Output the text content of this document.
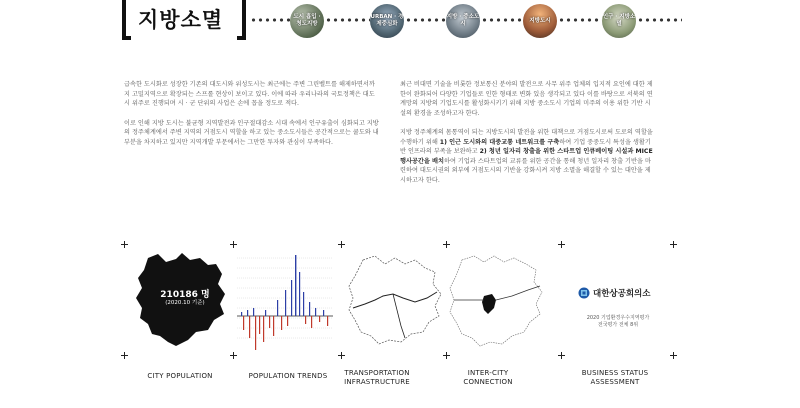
지방소멸	도시 흡입 · 청도지방
URBAN · 경제중심화
지방 · 중소도시
지방도시
인구 · 지방소멸

급속한 도시화로 성장한 기존의 대도시와 위성도시는 최근에는 주변 그린벨트를 해제하면서까지 고밀지역으로 확장되는 스프롤 현상이 보이고 있다. 이에 따라 우리나라의 국토정책은 대도시 위주로 진행되며 시 · 군 단위의 사업은 손에 꼽을 정도로 적다.

이로 인해 지방 도시는 불균형 지역발전과 인구절대감소 시대 속에서 인구유출이 심화되고 지방의 정주체계에서 주변 지역의 거점도시 역할을 하고 있는 중소도시들은 공간적으로는 쿨도와 내부분을 차지하고 있지만 지역개발 부문에서는 그만한 투자와 관심이 부족하다.

최근 비대면 기술을 비롯한 정보통신 분야의 발전으로 사무 위주 업체의 입지적 요인에 대한 제한이 완화되어 다양한 기업들로 인한 형태로 변화 있음 생각되고 있다 이를 바탕으로 서북의 연계망의 지방의 기업도시를 활성화시키기 위해 지방 중소도시 기업의 미주의 이용 위한 기반 시설의 환경을 조성하고자 한다.

지방 정주체계의 몸통역이 되는 지방도시의 발전을 위한 대책으로 거점도시로써 도로의 역할을 수행하기 위해 1) 인근 도시와의 대중교통 네트워크를 구축하여 기업 중중도시 특성을 생활기반 인프라의 부족을 보완하고 2) 청년 일자리 창출을 위한 스타트업 인큐베이팅 시설과 MICE 행사공간을 배치하여 기업과 스타트업의 교류를 위한 공간을 통해 청년 일자리 창출 기반을 마련하여 대도시권의 외부에 거점도시의 기반을 강화시켜 지방 소멸을 해결할 수 있는 대안을 제시하고자 한다.

210186 명
(2020.10 기준)
대한상공회의소
2020 기업환경우수지역평가
전국평가 전체 8위
CITY POPULATION	POPULATION TRENDS	TRANSPORTATION INFRASTRUCTURE
INTER-CITY CONNECTION
BUSINESS STATUS ASSESSMENT
